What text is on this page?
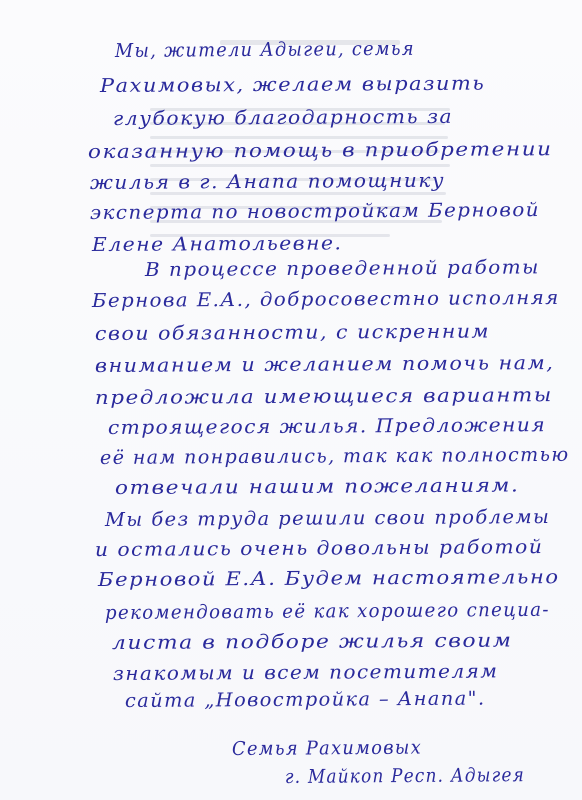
Мы, жители Адыгеи, семья
Рахимовых, желаем выразить
глубокую благодарность за
оказанную помощь в приобретении
жилья в г. Анапа помощнику
эксперта по новостройкам Берновой
Елене Анатольевне.
В процессе проведенной работы
Бернова Е.А., добросовестно исполняя
свои обязанности, с искренним
вниманием и желанием помочь нам,
предложила имеющиеся варианты
строящегося жилья. Предложения
её нам понравились, так как полностью
отвечали нашим пожеланиям.
Мы без труда решили свои проблемы
и остались очень довольны работой
Берновой Е.А. Будем настоятельно
рекомендовать её как хорошего специа-
листа в подборе жилья своим
знакомым и всем посетителям
сайта „Новостройка – Анапа".
Семья Рахимовых
г. Майкоп Респ. Адыгея
